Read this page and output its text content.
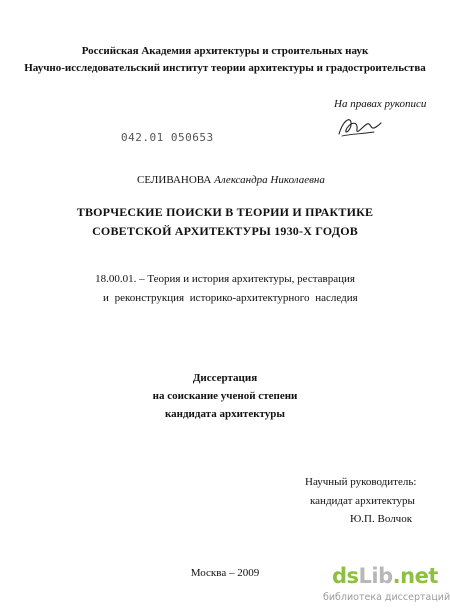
Российская Академия архитектуры и строительных наук
Научно-исследовательский институт теории архитектуры и градостроительства
На правах рукописи
042.01 050653
СЕЛИВАНОВА Александра Николаевна
ТВОРЧЕСКИЕ ПОИСКИ В ТЕОРИИ И ПРАКТИКЕ
СОВЕТСКОЙ АРХИТЕКТУРЫ 1930-Х ГОДОВ
18.00.01. – Теория и история архитектуры, реставрация
и реконструкция историко-архитектурного наследия
Диссертация
на соискание ученой степени
кандидата архитектуры
Научный руководитель:
кандидат архитектуры
Ю.П. Волчок
Москва – 2009	dsLib.net
библиотека диссертаций
